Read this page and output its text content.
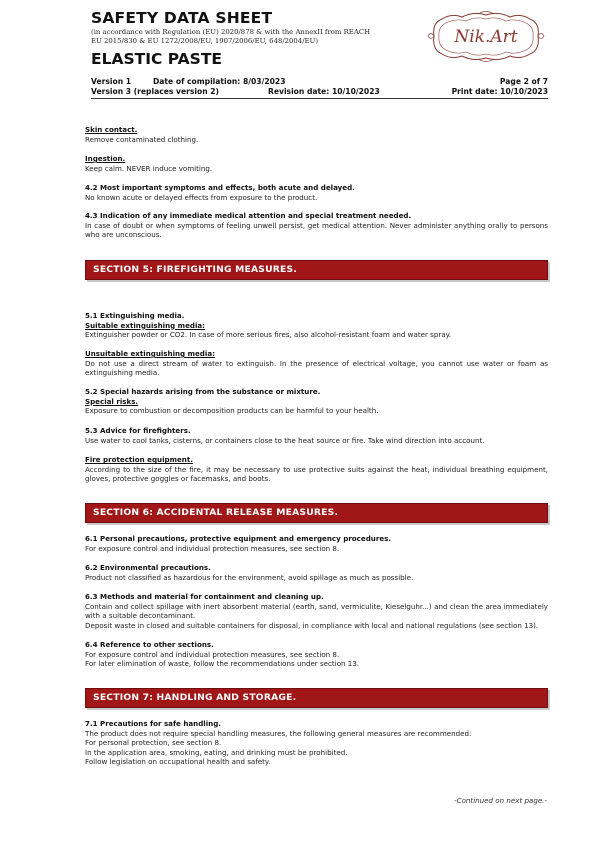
SAFETY DATA SHEET
(in accordance with Regulation (EU) 2020/878 & with the AnnexII from REACH
EU 2015/830 & EU 1272/2008/EU, 1907/2006/EU, 648/2004/EU)
ELASTIC PASTE
Nik.Art
Version 1	Date of compilation: 8/03/2023	Page 2 of 7
Version 3 (replaces version 2)	Revision date: 10/10/2023	Print date: 10/10/2023
Skin contact.
Remove contaminated clothing.
Ingestion.
Keep calm. NEVER induce vomiting.
4.2 Most important symptoms and effects, both acute and delayed.
No known acute or delayed effects from exposure to the product.
4.3 Indication of any immediate medical attention and special treatment needed.
In case of doubt or when symptoms of feeling unwell persist, get medical attention. Never administer anything orally to persons who are unconscious.
SECTION 5: FIREFIGHTING MEASURES.
5.1 Extinguishing media.
Suitable extinguishing media:
Extinguisher powder or CO2. In case of more serious fires, also alcohol-resistant foam and water spray.
Unsuitable extinguishing media:
Do not use a direct stream of water to extinguish. In the presence of electrical voltage, you cannot use water or foam as extinguishing media.
5.2 Special hazards arising from the substance or mixture.
Special risks.
Exposure to combustion or decomposition products can be harmful to your health.
5.3 Advice for firefighters.
Use water to cool tanks, cisterns, or containers close to the heat source or fire. Take wind direction into account.
Fire protection equipment.
According to the size of the fire, it may be necessary to use protective suits against the heat, individual breathing equipment, gloves, protective goggles or facemasks, and boots.
SECTION 6: ACCIDENTAL RELEASE MEASURES.
6.1 Personal precautions, protective equipment and emergency procedures.
For exposure control and individual protection measures, see section 8.
6.2 Environmental precautions.
Product not classified as hazardous for the environment, avoid spillage as much as possible.
6.3 Methods and material for containment and cleaning up.
Contain and collect spillage with inert absorbent material (earth, sand, vermiculite, Kieselguhr...) and clean the area immediately with a suitable decontaminant.
Deposit waste in closed and suitable containers for disposal, in compliance with local and national regulations (see section 13).
6.4 Reference to other sections.
For exposure control and individual protection measures, see section 8.
For later elimination of waste, follow the recommendations under section 13.
SECTION 7: HANDLING AND STORAGE.
7.1 Precautions for safe handling.
The product does not require special handling measures, the following general measures are recommended:
For personal protection, see section 8.
In the application area, smoking, eating, and drinking must be prohibited.
Follow legislation on occupational health and safety.
-Continued on next page.-
